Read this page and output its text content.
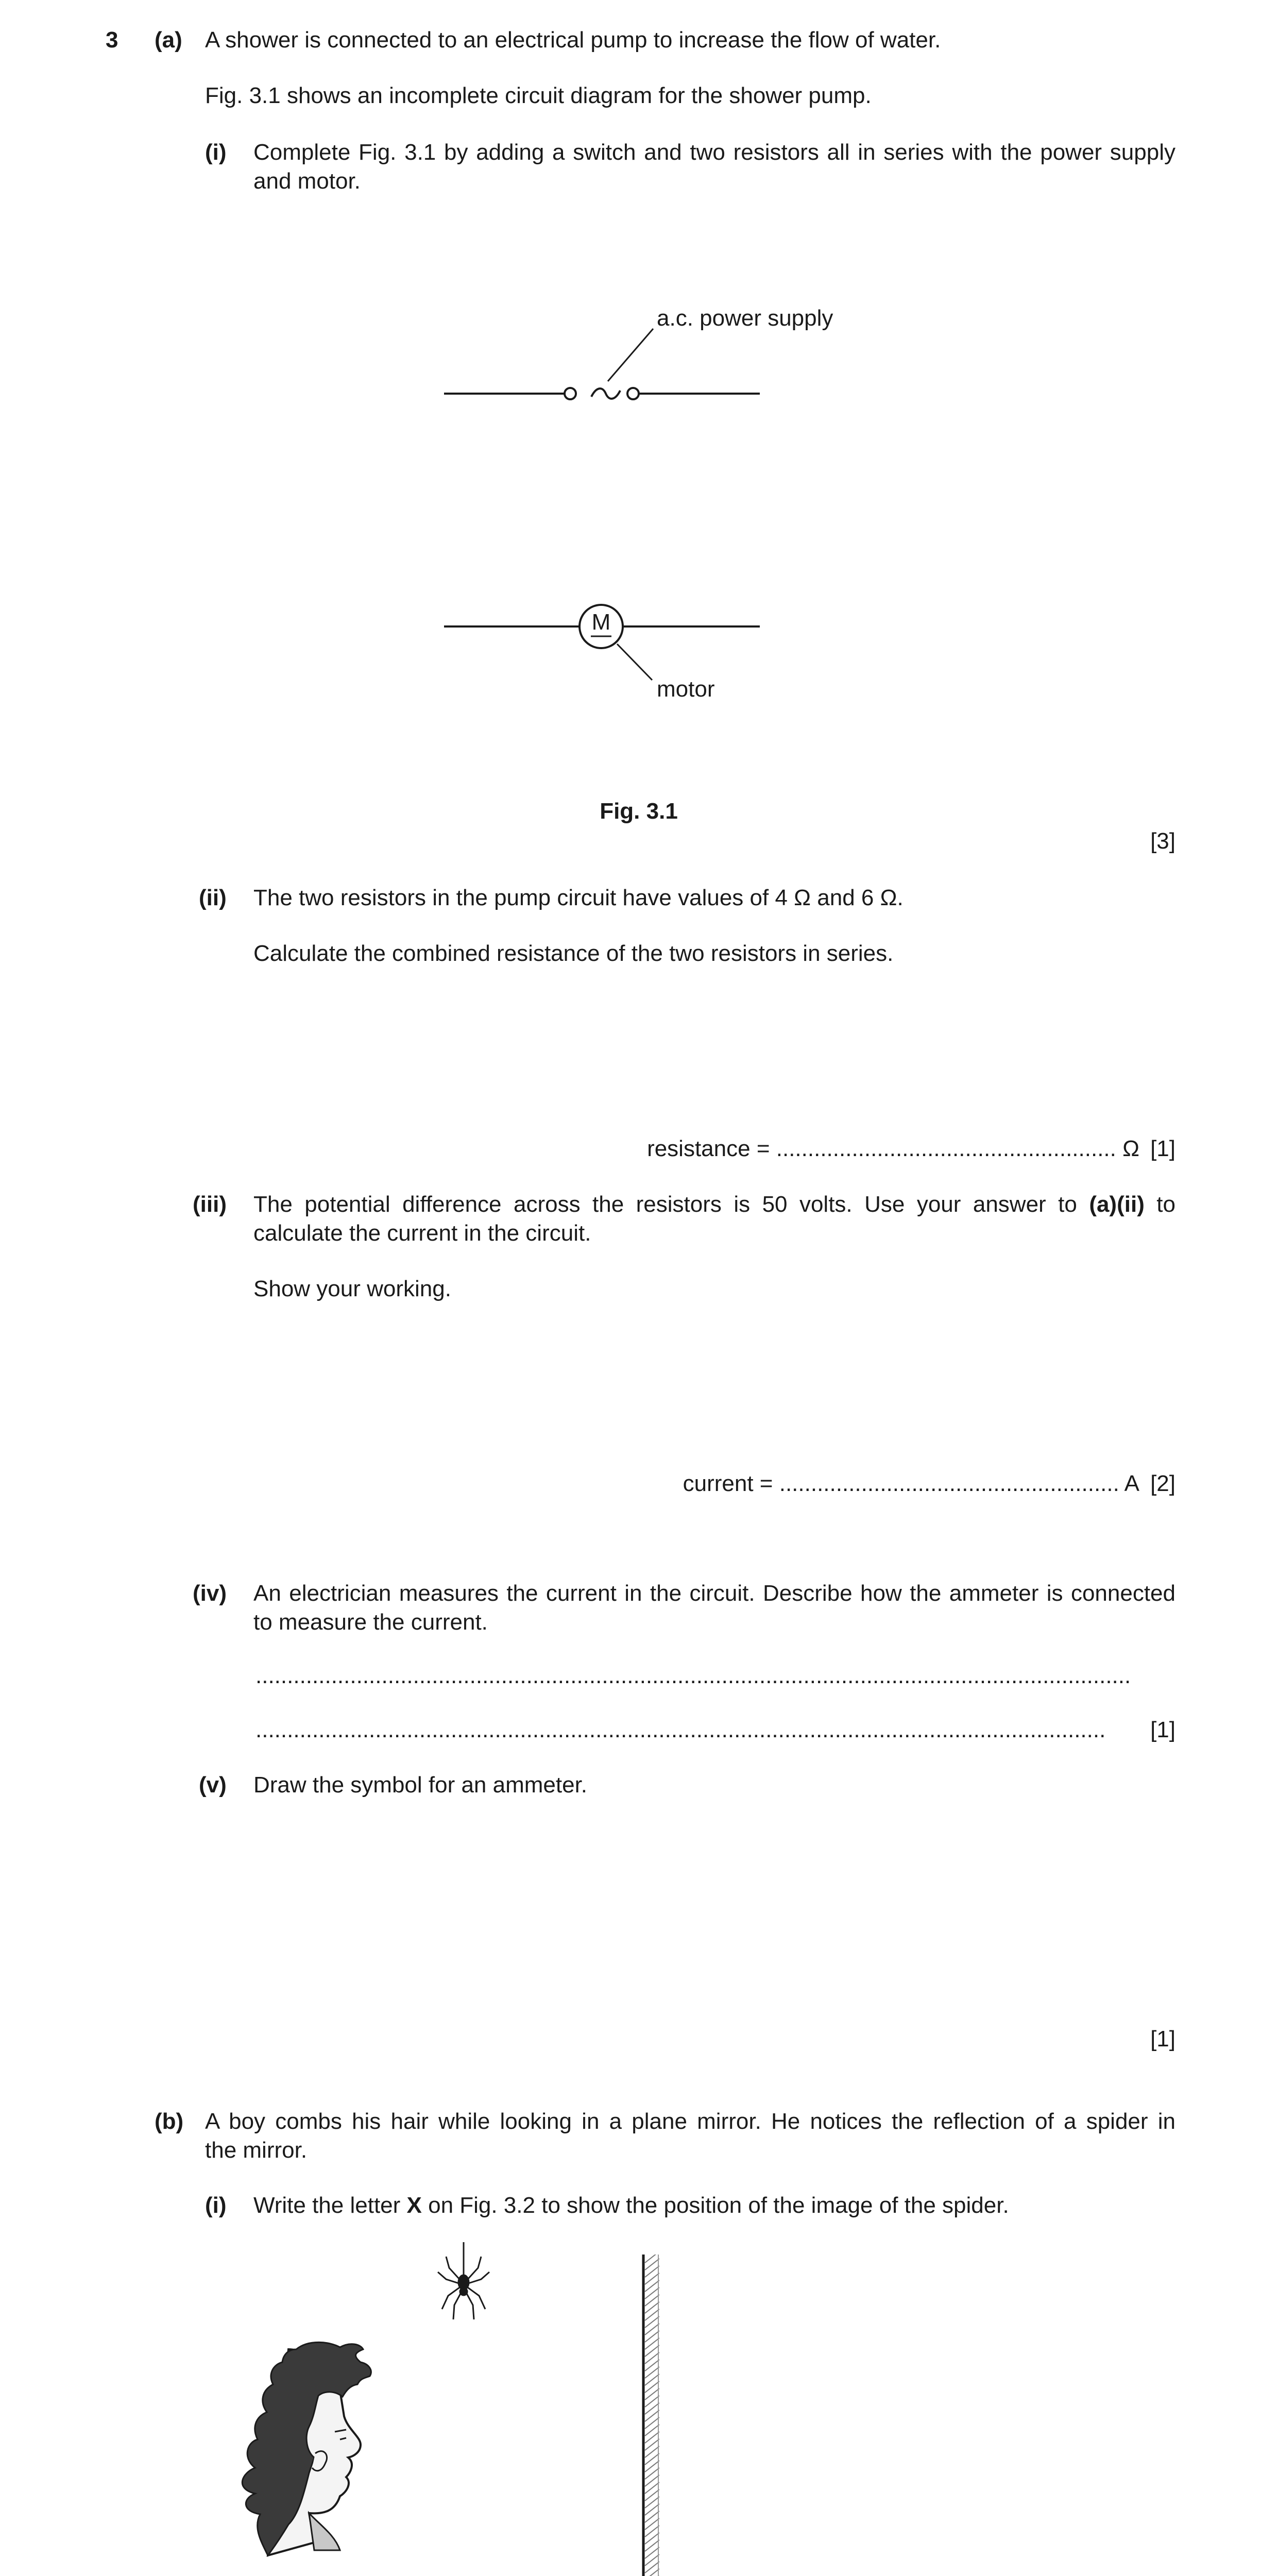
3 (a) A shower is connected to an electrical pump to increase the flow of water.
Fig. 3.1 shows an incomplete circuit diagram for the shower pump.
(i) Complete Fig. 3.1 by adding a switch and two resistors all in series with the power supply
and motor.
a.c. power supply
M
motor
Fig. 3.1
[3]
(ii) The two resistors in the pump circuit have values of 4 Ω and 6 Ω.
Calculate the combined resistance of the two resistors in series.
resistance = ...................................................... Ω [1]
(iii) The potential difference across the resistors is 50 volts. Use your answer to (a)(ii) to
calculate the current in the circuit.
Show your working.
current = ...................................................... A [2]
(iv) An electrician measures the current in the circuit. Describe how the ammeter is connected
to measure the current.
...........................................................................................................................................
.......................................................................................................................................	[1]
(v) Draw the symbol for an ammeter.
[1]
(b) A boy combs his hair while looking in a plane mirror. He notices the reflection of a spider in
the mirror.
(i) Write the letter X on Fig. 3.2 to show the position of the image of the spider.
